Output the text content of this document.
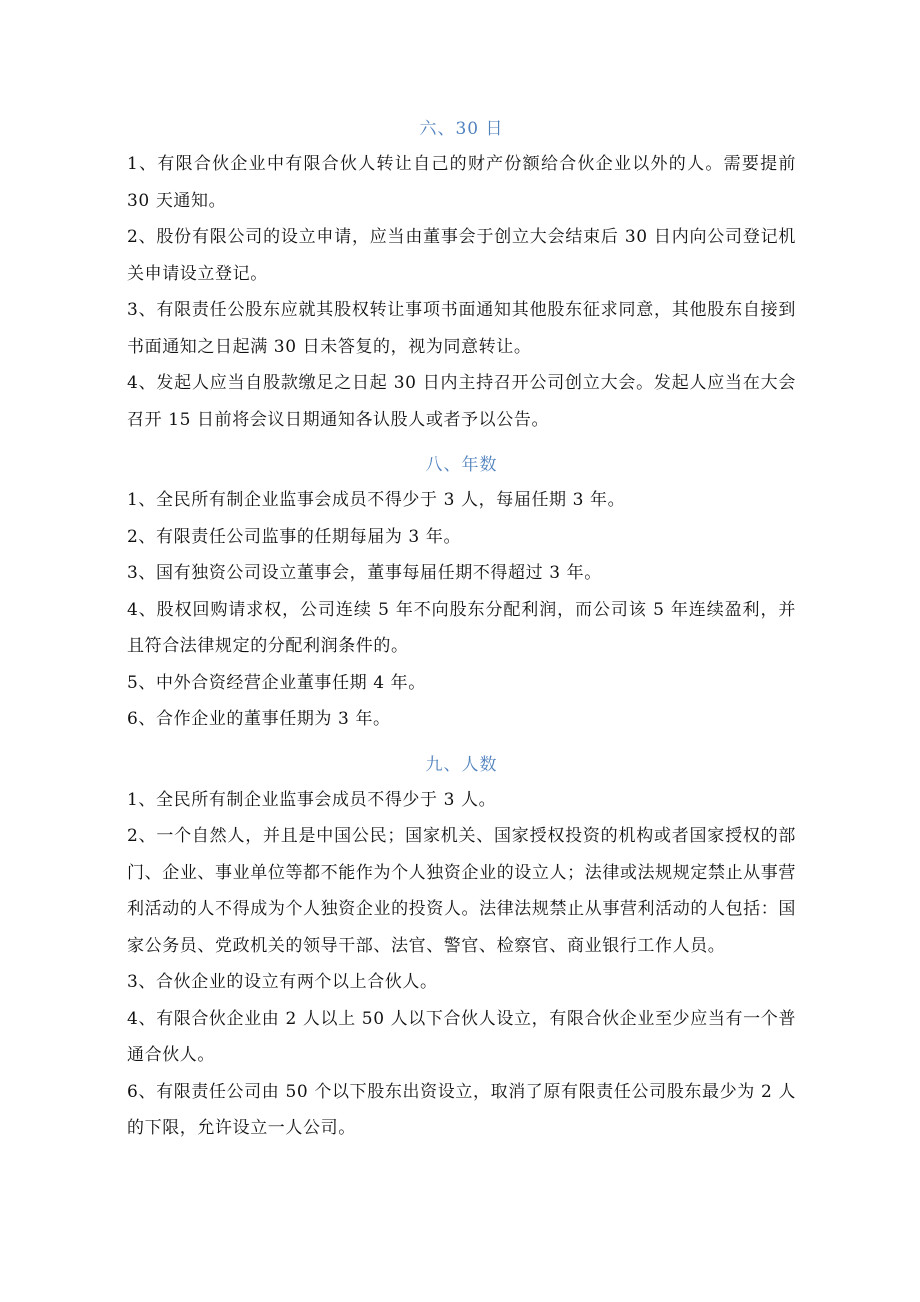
六、30 日

1、有限合伙企业中有限合伙人转让自己的财产份额给合伙企业以外的人。需要提前 30 天通知。

2、股份有限公司的设立申请，应当由董事会于创立大会结束后 30 日内向公司登记机关申请设立登记。

3、有限责任公股东应就其股权转让事项书面通知其他股东征求同意，其他股东自接到书面通知之日起满 30 日未答复的，视为同意转让。

4、发起人应当自股款缴足之日起 30 日内主持召开公司创立大会。发起人应当在大会召开 15 日前将会议日期通知各认股人或者予以公告。

八、年数

1、全民所有制企业监事会成员不得少于 3 人，每届任期 3 年。

2、有限责任公司监事的任期每届为 3 年。

3、国有独资公司设立董事会，董事每届任期不得超过 3 年。

4、股权回购请求权，公司连续 5 年不向股东分配利润，而公司该 5 年连续盈利，并且符合法律规定的分配利润条件的。

5、中外合资经营企业董事任期 4 年。

6、合作企业的董事任期为 3 年。

九、人数

1、全民所有制企业监事会成员不得少于 3 人。

2、一个自然人，并且是中国公民；国家机关、国家授权投资的机构或者国家授权的部门、企业、事业单位等都不能作为个人独资企业的设立人；法律或法规规定禁止从事营利活动的人不得成为个人独资企业的投资人。法律法规禁止从事营利活动的人包括：国家公务员、党政机关的领导干部、法官、警官、检察官、商业银行工作人员。

3、合伙企业的设立有两个以上合伙人。

4、有限合伙企业由 2 人以上 50 人以下合伙人设立，有限合伙企业至少应当有一个普通合伙人。

6、有限责任公司由 50 个以下股东出资设立，取消了原有限责任公司股东最少为 2 人的下限，允许设立一人公司。
